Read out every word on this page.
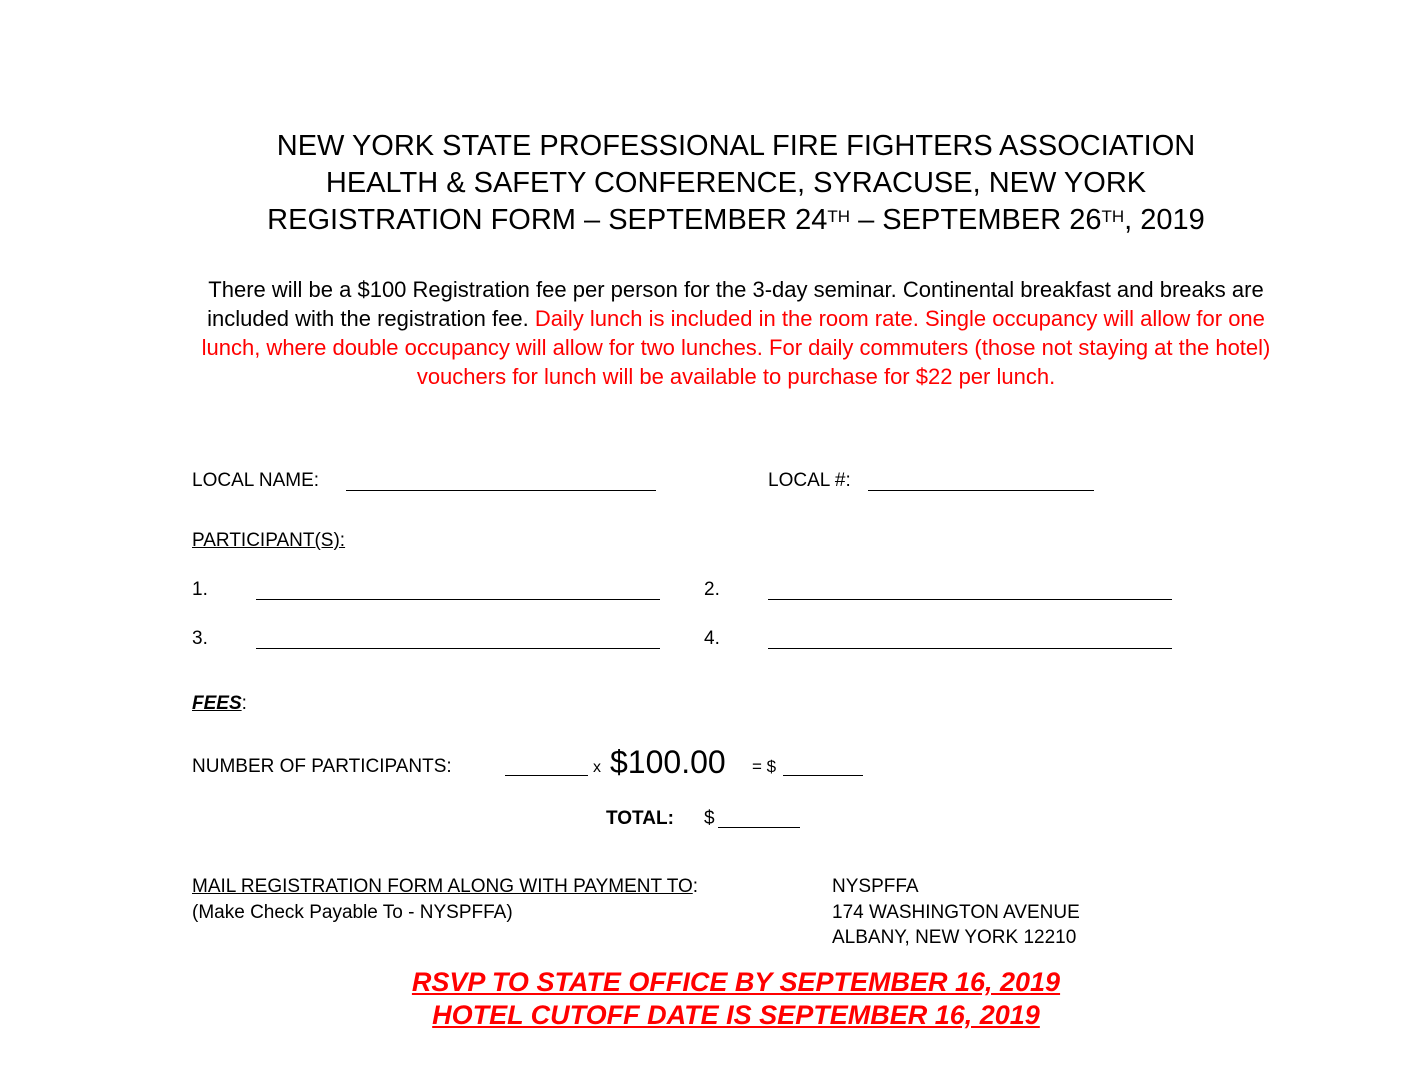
NEW YORK STATE PROFESSIONAL FIRE FIGHTERS ASSOCIATION
HEALTH & SAFETY CONFERENCE, SYRACUSE, NEW YORK
REGISTRATION FORM – SEPTEMBER 24TH – SEPTEMBER 26TH, 2019
There will be a $100 Registration fee per person for the 3-day seminar. Continental breakfast and breaks are included with the registration fee. Daily lunch is included in the room rate. Single occupancy will allow for one lunch, where double occupancy will allow for two lunches. For daily commuters (those not staying at the hotel) vouchers for lunch will be available to purchase for $22 per lunch.
LOCAL NAME:	LOCAL #:
PARTICIPANT(S):
1.	2.
3.	4.
FEES:
NUMBER OF PARTICIPANTS:	x $100.00 = $
TOTAL: $
MAIL REGISTRATION FORM ALONG WITH PAYMENT TO:
(Make Check Payable To - NYSPFFA)
NYSPFFA
174 WASHINGTON AVENUE
ALBANY, NEW YORK 12210
RSVP TO STATE OFFICE BY SEPTEMBER 16, 2019
HOTEL CUTOFF DATE IS SEPTEMBER 16, 2019
